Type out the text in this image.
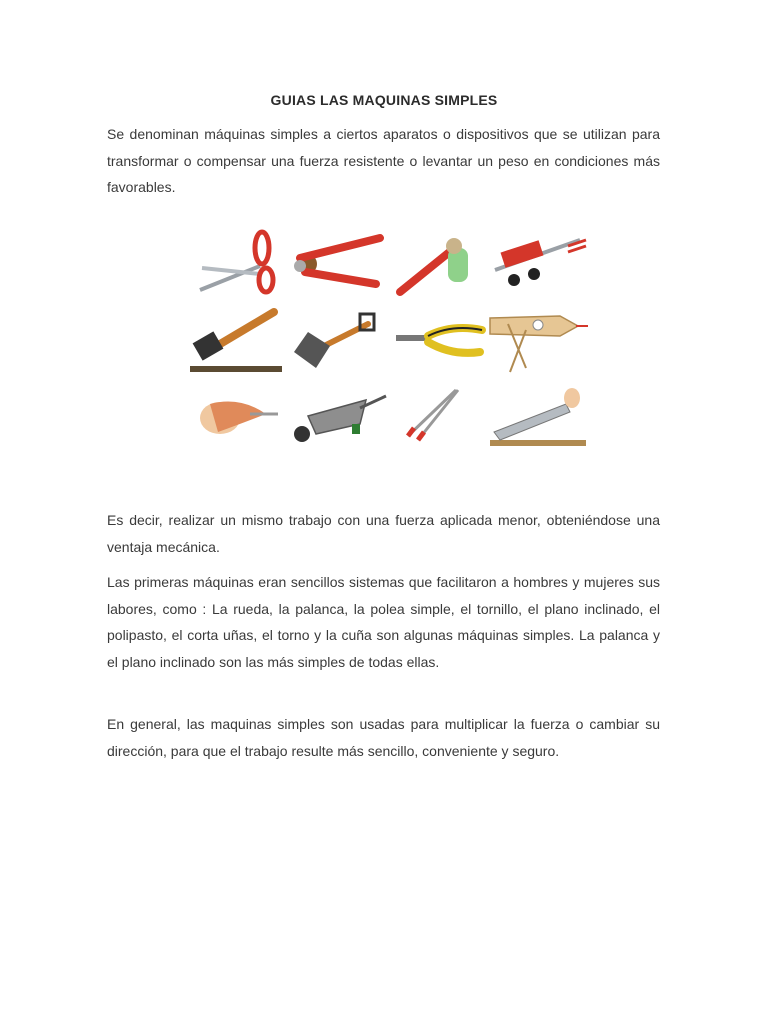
GUIAS LAS MAQUINAS SIMPLES

Se denominan máquinas simples a ciertos aparatos o dispositivos que se utilizan para transformar o compensar una fuerza resistente o levantar un peso en condiciones más favorables.

Es decir, realizar un mismo trabajo con una fuerza aplicada menor, obteniéndose una ventaja mecánica.

Las primeras máquinas eran sencillos sistemas que facilitaron a hombres y mujeres sus labores, como : La rueda, la palanca, la polea simple, el tornillo, el plano inclinado, el polipasto, el corta uñas, el torno y la cuña son algunas máquinas simples. La palanca y el plano inclinado son las más simples de todas ellas.

En general, las maquinas simples son usadas para multiplicar la fuerza o cambiar su dirección, para que el trabajo resulte más sencillo, conveniente y seguro.
